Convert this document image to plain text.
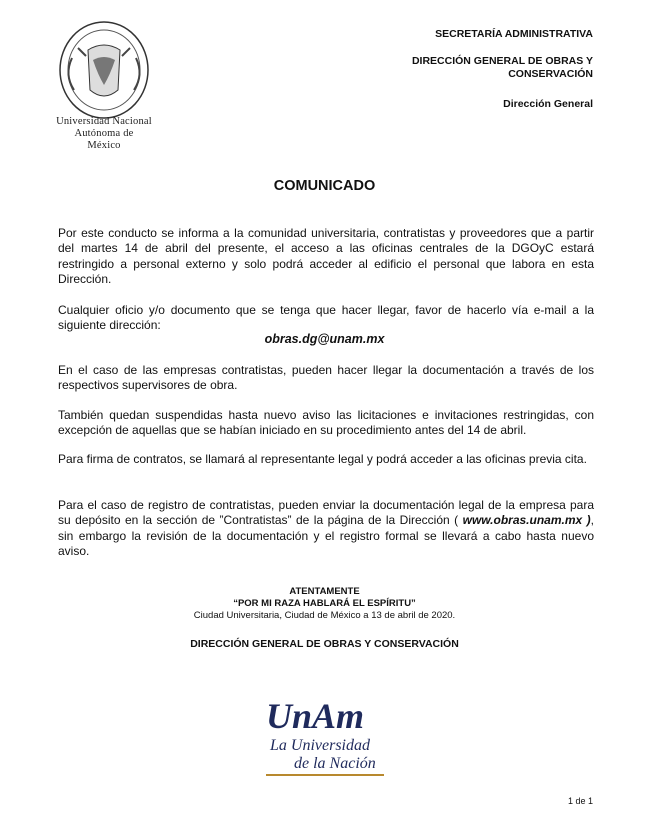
Universidad Nacional
Autónoma de
México
SECRETARÍA ADMINISTRATIVA
DIRECCIÓN GENERAL DE OBRAS Y CONSERVACIÓN
Dirección General
COMUNICADO
Por este conducto se informa a la comunidad universitaria, contratistas y proveedores que a partir del martes 14 de abril del presente, el acceso a las oficinas centrales de la DGOyC estará restringido a personal externo y solo podrá acceder al edificio el personal que labora en esta Dirección.
Cualquier oficio y/o documento que se tenga que hacer llegar, favor de hacerlo vía e-mail a la siguiente dirección:
obras.dg@unam.mx
En el caso de las empresas contratistas, pueden hacer llegar la documentación a través de los respectivos supervisores de obra.
También quedan suspendidas hasta nuevo aviso las licitaciones e invitaciones restringidas, con excepción de aquellas que se habían iniciado en su procedimiento antes del 14 de abril.
Para firma de contratos, se llamará al representante legal y podrá acceder a las oficinas previa cita.
Para el caso de registro de contratistas, pueden enviar la documentación legal de la empresa para su depósito en la sección de ”Contratistas” de la página de la Dirección ( www.obras.unam.mx ), sin embargo la revisión de la documentación y el registro formal se llevará a cabo hasta nuevo aviso.
ATENTAMENTE
“POR MI RAZA HABLARÁ EL ESPÍRITU”
Ciudad Universitaria, Ciudad de México a 13 de abril de 2020.
DIRECCIÓN GENERAL DE OBRAS Y CONSERVACIÓN
UnAm
La Universidad
de la Nación
1 de 1
